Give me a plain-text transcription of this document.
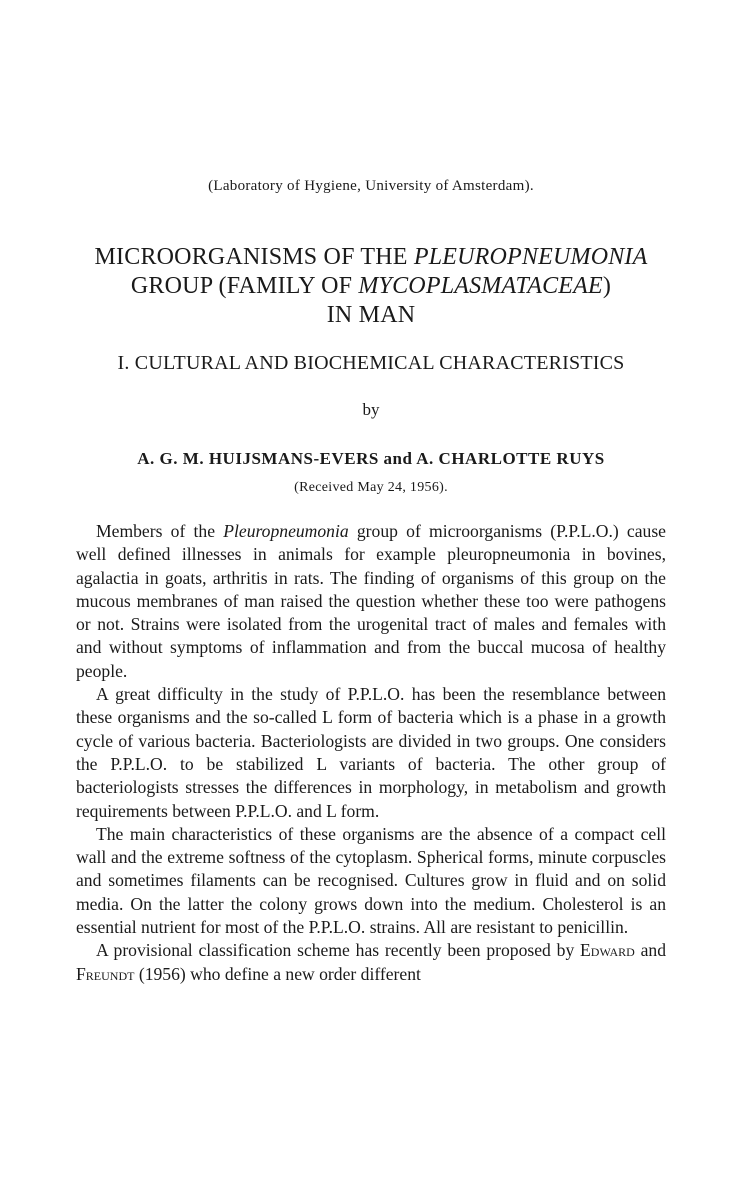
(Laboratory of Hygiene, University of Amsterdam).
MICROORGANISMS OF THE PLEUROPNEUMONIA
GROUP (FAMILY OF MYCOPLASMATACEAE)
IN MAN
I. CULTURAL AND BIOCHEMICAL CHARACTERISTICS
by
A. G. M. HUIJSMANS-EVERS and A. CHARLOTTE RUYS
(Received May 24, 1956).

Members of the Pleuropneumonia group of microorganisms (P.P.L.O.) cause well defined illnesses in animals for example pleuropneumonia in bovines, agalactia in goats, arthritis in rats. The finding of organisms of this group on the mucous membranes of man raised the question whether these too were pathogens or not. Strains were isolated from the urogenital tract of males and females with and without symptoms of inflammation and from the buccal mucosa of healthy people.

A great difficulty in the study of P.P.L.O. has been the resemblance between these organisms and the so-called L form of bacteria which is a phase in a growth cycle of various bacteria. Bacteriologists are divided in two groups. One considers the P.P.L.O. to be stabilized L variants of bacteria. The other group of bacteriologists stresses the differences in morphology, in metabolism and growth requirements between P.P.L.O. and L form.

The main characteristics of these organisms are the absence of a compact cell wall and the extreme softness of the cytoplasm. Spherical forms, minute corpuscles and sometimes filaments can be recognised. Cultures grow in fluid and on solid media. On the latter the colony grows down into the medium. Cholesterol is an essential nutrient for most of the P.P.L.O. strains. All are resistant to penicillin.

A provisional classification scheme has recently been proposed by Edward and Freundt (1956) who define a new order different
